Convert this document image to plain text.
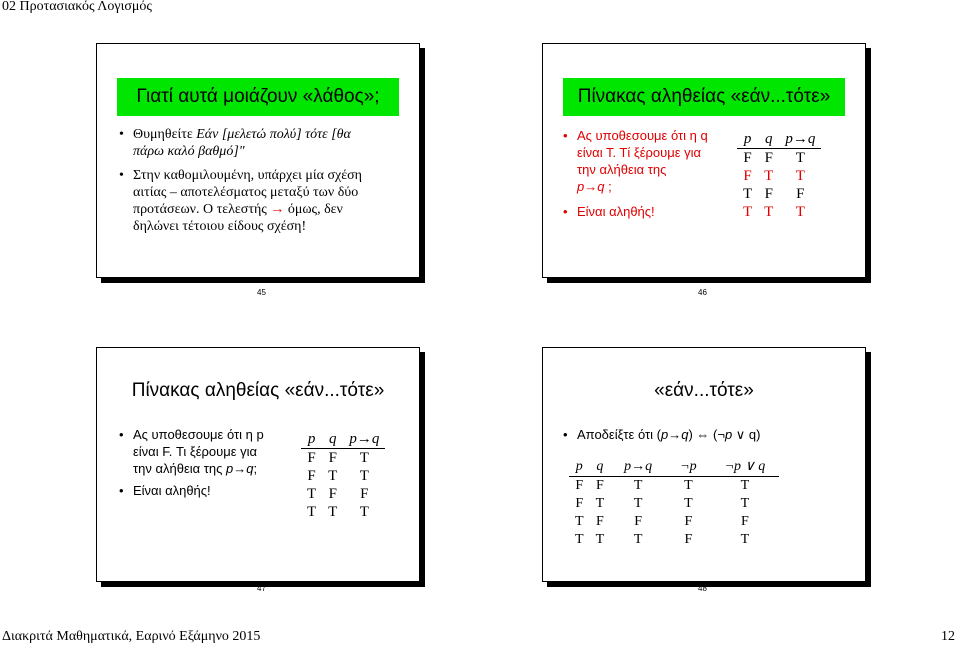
02 Προτασιακός Λογισμός
Γιατί αυτά μοιάζουν «λάθος»;
• Θυμηθείτε Εάν [μελετώ πολύ] τότε [θα
πάρω καλό βαθμό]"
• Στην καθομιλουμένη, υπάρχει μία σχέση
αιτίας – αποτελέσματος μεταξύ των δύο
προτάσεων. Ο τελεστής → όμως, δεν
δηλώνει τέτοιου είδους σχέση!
45
Πίνακας αληθείας «εάν...τότε»
• Ας υποθεσουμε ότι η q
είναι Τ. Τί ξέρουμε για
την αλήθεια της
p→q ;
• Είναι αληθής!
p	q	p→q
F	F	T
F	T	T
T	F	F
T	T	T
46
Πίνακας αληθείας «εάν...τότε»
• Ας υποθεσουμε ότι η p
είναι F. Τι ξέρουμε για
την αλήθεια της p→q;
• Είναι αληθής!
p	q	p→q
F	F	T
F	T	T
T	F	F
T	T	T
47
«εάν...τότε»
• Αποδείξτε ότι (p→q) ⇔ (¬p ∨ q)
p	q	p→q	¬p	¬p ∨ q
F	F	T	T	T
F	T	T	T	T
T	F	F	F	F
T	T	T	F	T
48
Διακριτά Μαθηματικά, Εαρινό Εξάμηνο 2015	12
